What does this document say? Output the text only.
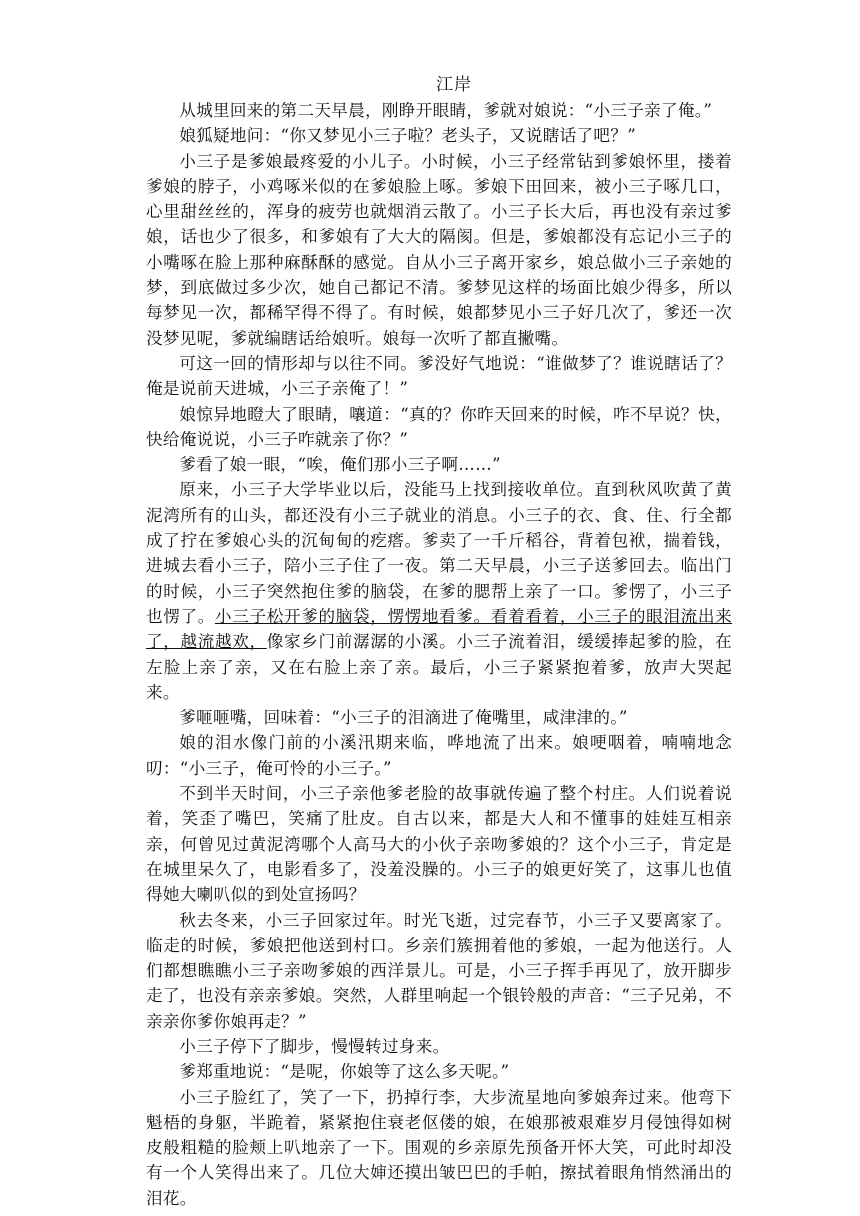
江岸

从城里回来的第二天早晨，刚睁开眼睛，爹就对娘说：“小三子亲了俺。”

娘狐疑地问：“你又梦见小三子啦？老头子，又说瞎话了吧？”

小三子是爹娘最疼爱的小儿子。小时候，小三子经常钻到爹娘怀里，搂着爹娘的脖子，小鸡啄米似的在爹娘脸上啄。爹娘下田回来，被小三子啄几口，心里甜丝丝的，浑身的疲劳也就烟消云散了。小三子长大后，再也没有亲过爹娘，话也少了很多，和爹娘有了大大的隔阂。但是，爹娘都没有忘记小三子的小嘴啄在脸上那种麻酥酥的感觉。自从小三子离开家乡，娘总做小三子亲她的梦，到底做过多少次，她自己都记不清。爹梦见这样的场面比娘少得多，所以每梦见一次，都稀罕得不得了。有时候，娘都梦见小三子好几次了，爹还一次没梦见呢，爹就编瞎话给娘听。娘每一次听了都直撇嘴。

可这一回的情形却与以往不同。爹没好气地说：“谁做梦了？谁说瞎话了？俺是说前天进城，小三子亲俺了！”

娘惊异地瞪大了眼睛，嚷道：“真的？你昨天回来的时候，咋不早说？快，快给俺说说，小三子咋就亲了你？”

爹看了娘一眼，“唉，俺们那小三子啊……”

原来，小三子大学毕业以后，没能马上找到接收单位。直到秋风吹黄了黄泥湾所有的山头，都还没有小三子就业的消息。小三子的衣、食、住、行全都成了拧在爹娘心头的沉甸甸的疙瘩。爹卖了一千斤稻谷，背着包袱，揣着钱，进城去看小三子，陪小三子住了一夜。第二天早晨，小三子送爹回去。临出门的时候，小三子突然抱住爹的脑袋，在爹的腮帮上亲了一口。爹愣了，小三子也愣了。小三子松开爹的脑袋，愣愣地看爹。看着看着，小三子的眼泪流出来了，越流越欢，像家乡门前潺潺的小溪。小三子流着泪，缓缓捧起爹的脸，在左脸上亲了亲，又在右脸上亲了亲。最后，小三子紧紧抱着爹，放声大哭起来。

爹咂咂嘴，回味着：“小三子的泪滴进了俺嘴里，咸津津的。”

娘的泪水像门前的小溪汛期来临，哗地流了出来。娘哽咽着，喃喃地念叨：“小三子，俺可怜的小三子。”

不到半天时间，小三子亲他爹老脸的故事就传遍了整个村庄。人们说着说着，笑歪了嘴巴，笑痛了肚皮。自古以来，都是大人和不懂事的娃娃互相亲亲，何曾见过黄泥湾哪个人高马大的小伙子亲吻爹娘的？这个小三子，肯定是在城里呆久了，电影看多了，没羞没臊的。小三子的娘更好笑了，这事儿也值得她大喇叭似的到处宣扬吗？

秋去冬来，小三子回家过年。时光飞逝，过完春节，小三子又要离家了。临走的时候，爹娘把他送到村口。乡亲们簇拥着他的爹娘，一起为他送行。人们都想瞧瞧小三子亲吻爹娘的西洋景儿。可是，小三子挥手再见了，放开脚步走了，也没有亲亲爹娘。突然，人群里响起一个银铃般的声音：“三子兄弟，不亲亲你爹你娘再走？”

小三子停下了脚步，慢慢转过身来。

爹郑重地说：“是呢，你娘等了这么多天呢。”

小三子脸红了，笑了一下，扔掉行李，大步流星地向爹娘奔过来。他弯下魁梧的身躯，半跪着，紧紧抱住衰老伛偻的娘，在娘那被艰难岁月侵蚀得如树皮般粗糙的脸颊上叭地亲了一下。围观的乡亲原先预备开怀大笑，可此时却没有一个人笑得出来了。几位大婶还摸出皱巴巴的手帕，擦拭着眼角悄然涌出的泪花。
